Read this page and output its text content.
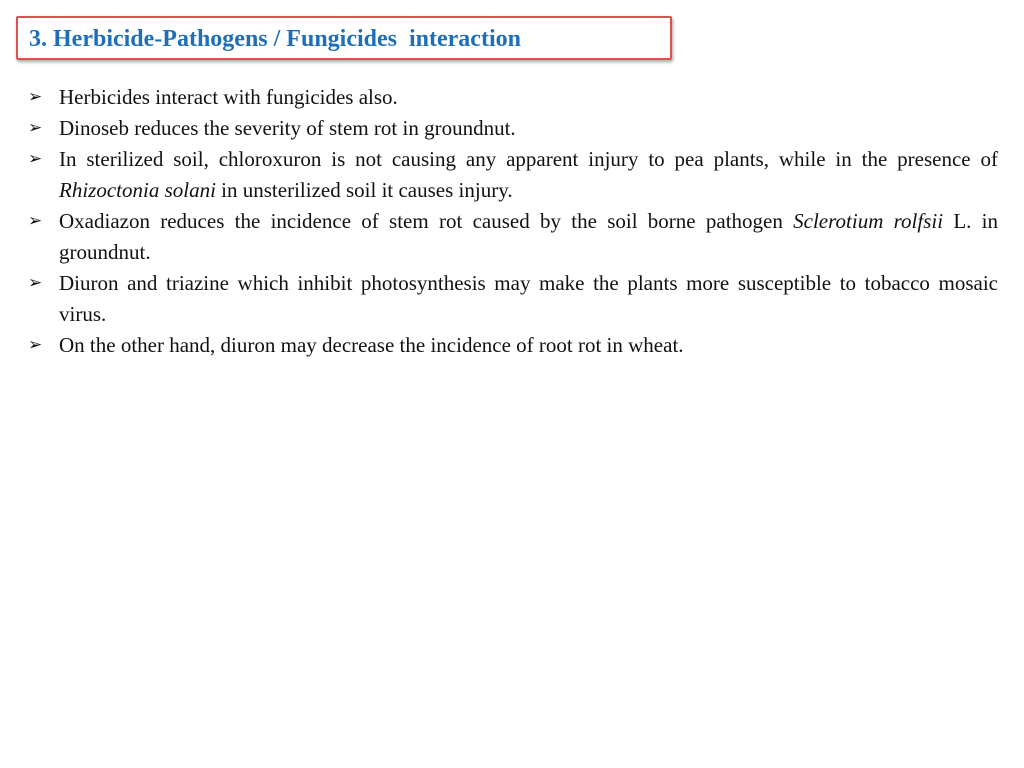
3. Herbicide-Pathogens / Fungicides  interaction
➢ Herbicides interact with fungicides also.
➢ Dinoseb reduces the severity of stem rot in groundnut.
➢ In sterilized soil, chloroxuron is not causing any apparent injury to pea plants, while in the presence of Rhizoctonia solani in unsterilized soil it causes injury.
➢ Oxadiazon reduces the incidence of stem rot caused by the soil borne pathogen Sclerotium rolfsii L. in groundnut.
➢ Diuron and triazine which inhibit photosynthesis may make the plants more susceptible to tobacco mosaic virus.
➢ On the other hand, diuron may decrease the incidence of root rot in wheat.
